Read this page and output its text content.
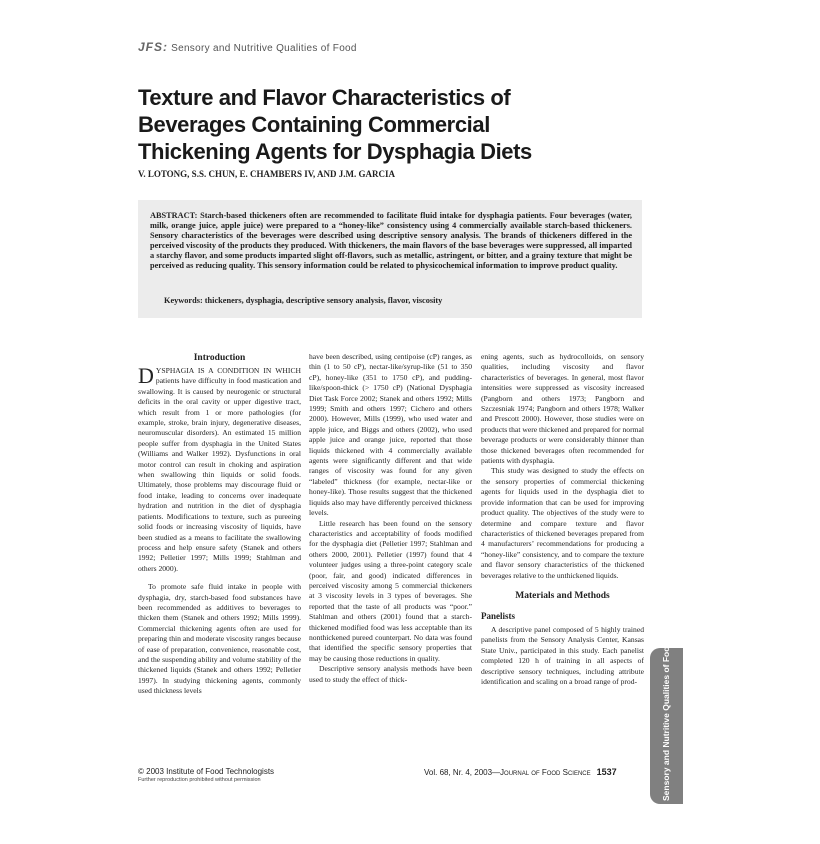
JFS: Sensory and Nutritive Qualities of Food
Texture and Flavor Characteristics of
Beverages Containing Commercial
Thickening Agents for Dysphagia Diets
V. LOTONG, S.S. CHUN, E. CHAMBERS IV, AND J.M. GARCIA
ABSTRACT: Starch-based thickeners often are recommended to facilitate fluid intake for dysphagia patients. Four beverages (water, milk, orange juice, apple juice) were prepared to a “honey-like” consistency using 4 commercially available starch-based thickeners. Sensory characteristics of the beverages were described using descriptive sensory analysis. The brands of thickeners differed in the perceived viscosity of the products they produced. With thickeners, the main flavors of the base beverages were suppressed, all imparted a starchy flavor, and some products imparted slight off-flavors, such as metallic, astringent, or bitter, and a grainy texture that might be perceived as reducing quality. This sensory information could be related to physicochemical information to improve product quality.
Keywords: thickeners, dysphagia, descriptive sensory analysis, flavor, viscosity

Introduction

DYSPHAGIA IS A CONDITION IN WHICH patients have difficulty in food mastication and swallowing. It is caused by neurogenic or structural deficits in the oral cavity or upper digestive tract, which result from 1 or more pathologies (for example, stroke, brain injury, degenerative diseases, neuromuscular disorders). An estimated 15 million people suffer from dysphagia in the United States (Williams and Walker 1992). Dysfunctions in oral motor control can result in choking and aspiration when swallowing thin liquids or solid foods. Ultimately, those problems may discourage fluid or food intake, leading to concerns over inadequate hydration and nutrition in the diet of dysphagia patients. Modifications to texture, such as pureeing solid foods or increasing viscosity of liquids, have been studied as a means to facilitate the swallowing process and help ensure safety (Stanek and others 1992; Pelletier 1997; Mills 1999; Stahlman and others 2000).

To promote safe fluid intake in people with dysphagia, dry, starch-based food substances have been recommended as additives to beverages to thicken them (Stanek and others 1992; Mills 1999). Commercial thickening agents often are used for preparing thin and moderate viscosity ranges because of ease of preparation, convenience, reasonable cost, and the suspending ability and volume stability of the thickened liquids (Stanek and others 1992; Pelletier 1997). In studying thickening agents, commonly used thickness levels

have been described, using centipoise (cP) ranges, as thin (1 to 50 cP), nectar-like/syrup-like (51 to 350 cP), honey-like (351 to 1750 cP), and pudding-like/spoon-thick (> 1750 cP) (National Dysphagia Diet Task Force 2002; Stanek and others 1992; Mills 1999; Smith and others 1997; Cichero and others 2000). However, Mills (1999), who used water and apple juice, and Biggs and others (2002), who used apple juice and orange juice, reported that those liquids thickened with 4 commercially available agents were significantly different and that wide ranges of viscosity was found for any given “labeled” thickness (for example, nectar-like or honey-like). Those results suggest that the thickened liquids also may have differently perceived thickness levels.

Little research has been found on the sensory characteristics and acceptability of foods modified for the dysphagia diet (Pelletier 1997; Stahlman and others 2000, 2001). Pelletier (1997) found that 4 volunteer judges using a three-point category scale (poor, fair, and good) indicated differences in perceived viscosity among 5 commercial thickeners at 3 viscosity levels in 3 types of beverages. She reported that the taste of all products was “poor.” Stahlman and others (2001) found that a starch-thickened modified food was less acceptable than its nonthickened pureed counterpart. No data was found that identified the specific sensory properties that may be causing those reductions in quality.

Descriptive sensory analysis methods have been used to study the effect of thick-

ening agents, such as hydrocolloids, on sensory qualities, including viscosity and flavor characteristics of beverages. In general, most flavor intensities were suppressed as viscosity increased (Pangborn and others 1973; Pangborn and Szczesniak 1974; Pangborn and others 1978; Walker and Prescott 2000). However, those studies were on products that were thickened and prepared for normal beverage products or were considerably thinner than those thickened beverages often recommended for patients with dysphagia.

This study was designed to study the effects on the sensory properties of commercial thickening agents for liquids used in the dysphagia diet to provide information that can be used for improving product quality. The objectives of the study were to determine and compare texture and flavor characteristics of thickened beverages prepared from 4 manufacturers’ recommendations for producing a “honey-like” consistency, and to compare the texture and flavor sensory characteristics of the thickened beverages relative to the unthickened liquids.

Materials and Methods

Panelists

A descriptive panel composed of 5 highly trained panelists from the Sensory Analysis Center, Kansas State Univ., participated in this study. Each panelist completed 120 h of training in all aspects of descriptive sensory techniques, including attribute identification and scaling on a broad range of prod-

© 2003 Institute of Food Technologists
Further reproduction prohibited without permission
Vol. 68, Nr. 4, 2003—Journal of Food Science 1537	Sensory and Nutritive Qualities of Food
